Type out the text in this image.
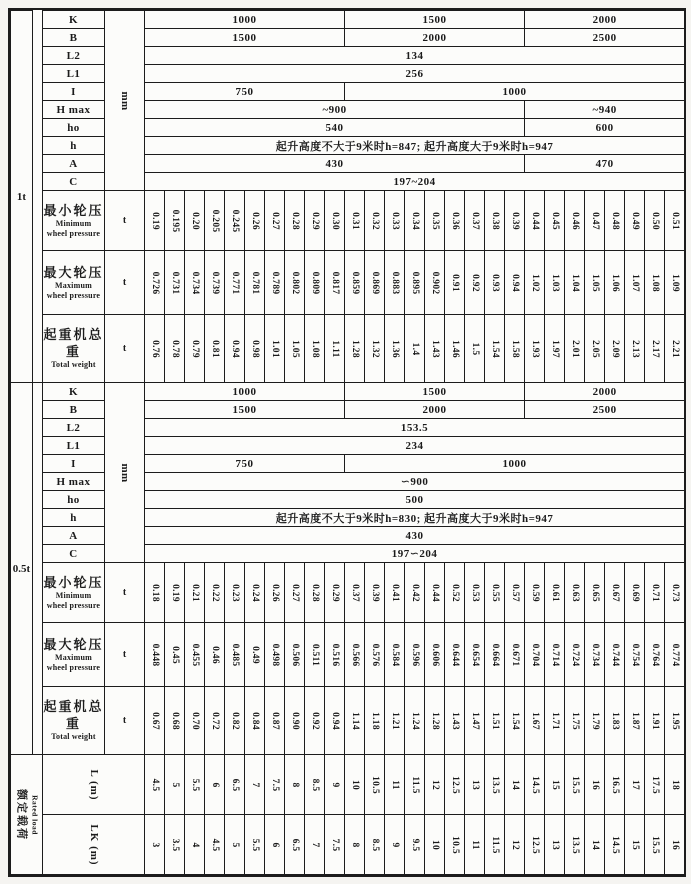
1t		K	mm	1000										1500									2000							
		B		1500										2000									2500							
		L2		134																										
		L1		256																										
		I		750										1000																
		H max		~900																			~940							
		ho		540																			600							
		h		起升高度不大于9米时h=847; 起升高度大于9米时h=947																										
		A		430																			470							
		C		197~204																										

		最小轮压
Minimum
wheel pressure	t	0.19	0.195	0.20	0.205	0.245	0.26	0.27	0.28	0.29	0.30	0.31	0.32	0.33	0.34	0.35	0.36	0.37	0.38	0.39	0.44	0.45	0.46	0.47	0.48	0.49	0.50	0.51

		最大轮压
Maximum
wheel pressure	t	0.726	0.731	0.734	0.739	0.771	0.781	0.789	0.802	0.809	0.817	0.859	0.869	0.883	0.895	0.902	0.91	0.92	0.93	0.94	1.02	1.03	1.04	1.05	1.06	1.07	1.08	1.09

		起重机总重
Total weight	t	0.76	0.78	0.79	0.81	0.94	0.98	1.01	1.05	1.08	1.11	1.28	1.32	1.36	1.4	1.43	1.46	1.5	1.54	1.58	1.93	1.97	2.01	2.05	2.09	2.13	2.17	2.21
0.5t		K	mm	1000										1500									2000							
		B		1500										2000									2500							
		L2		153.5																										
		L1		234																										
		I		750										1000																
		H max		∽900																										
		ho		500																										
		h		起升高度不大于9米时h=830; 起升高度大于9米时h=947																										
		A		430																										
		C		197∽204																										

		最小轮压
Minimum
wheel pressure	t	0.18	0.19	0.21	0.22	0.23	0.24	0.26	0.27	0.28	0.29	0.37	0.39	0.41	0.42	0.44	0.52	0.53	0.55	0.57	0.59	0.61	0.63	0.65	0.67	0.69	0.71	0.73

		最大轮压
Maximum
wheel pressure	t	0.448	0.45	0.455	0.46	0.485	0.49	0.498	0.506	0.511	0.516	0.566	0.576	0.584	0.596	0.606	0.644	0.654	0.664	0.671	0.704	0.714	0.724	0.734	0.744	0.754	0.764	0.774

		起重机总重
Total weight	t	0.67	0.68	0.70	0.72	0.82	0.84	0.87	0.90	0.92	0.94	1.14	1.18	1.21	1.24	1.28	1.43	1.47	1.51	1.54	1.67	1.71	1.75	1.79	1.83	1.87	1.91	1.95
Rated load
额定载荷	L (m)	4.5	5	5.5	6	6.5	7	7.5	8	8.5	9	10	10.5	11	11.5	12	12.5	13	13.5	14	14.5	15	15.5	16	16.5	17	17.5	18

	LK (m)	3	3.5	4	4.5	5	5.5	6	6.5	7	7.5	8	8.5	9	9.5	10	10.5	11	11.5	12	12.5	13	13.5	14	14.5	15	15.5	16
